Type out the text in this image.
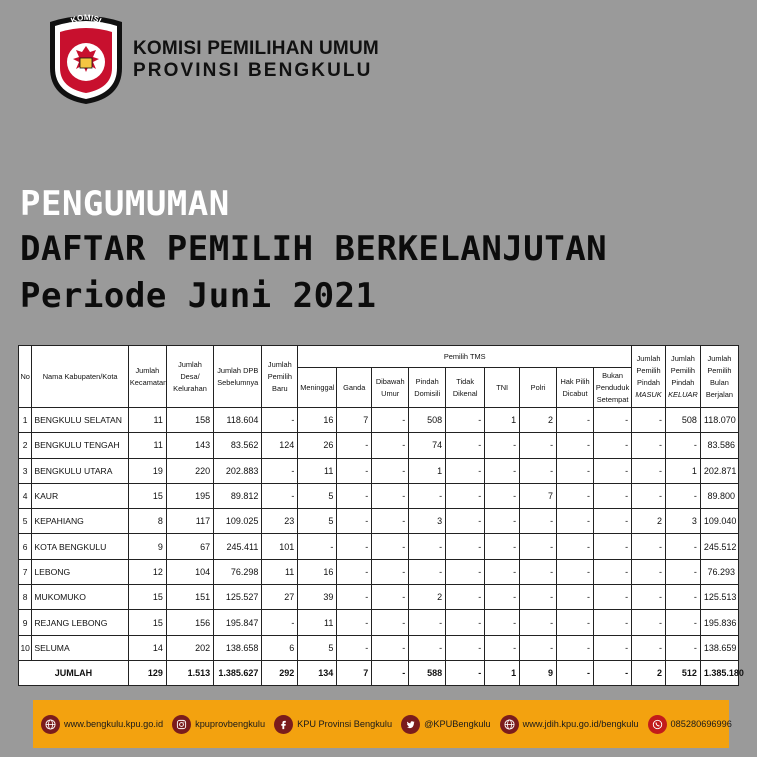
KOMISI
KOMISI PEMILIHAN UMUM
PROVINSI BENGKULU
PENGUMUMAN
DAFTAR PEMILIH BERKELANJUTAN
Periode Juni 2021
No	Nama Kabupaten/Kota	Jumlah Kecamatan	Jumlah Desa/ Kelurahan	Jumlah DPB Sebelumnya	Jumlah Pemilih Baru	Pemilih TMS									Jumlah Pemilih Pindah MASUK	Jumlah Pemilih Pindah KELUAR	Jumlah Pemilih Bulan Berjalan
						Meninggal	Ganda	Dibawah Umur	Pindah Domisili	Tidak Dikenal	TNI	Polri	Hak Pilih Dicabut	Bukan Penduduk Setempat			
1	BENGKULU SELATAN	11	158	118.604	-	16	7	-	508	-	1	2	-	-	-	508	118.070
2	BENGKULU TENGAH	11	143	83.562	124	26	-	-	74	-	-	-	-	-	-	-	83.586
3	BENGKULU UTARA	19	220	202.883	-	11	-	-	1	-	-	-	-	-	-	1	202.871
4	KAUR	15	195	89.812	-	5	-	-	-	-	-	7	-	-	-	-	89.800
5	KEPAHIANG	8	117	109.025	23	5	-	-	3	-	-	-	-	-	2	3	109.040
6	KOTA BENGKULU	9	67	245.411	101	-	-	-	-	-	-	-	-	-	-	-	245.512
7	LEBONG	12	104	76.298	11	16	-	-	-	-	-	-	-	-	-	-	76.293
8	MUKOMUKO	15	151	125.527	27	39	-	-	2	-	-	-	-	-	-	-	125.513
9	REJANG LEBONG	15	156	195.847	-	11	-	-	-	-	-	-	-	-	-	-	195.836
10	SELUMA	14	202	138.658	6	5	-	-	-	-	-	-	-	-	-	-	138.659
JUMLAH		129	1.513	1.385.627	292	134	7	-	588	-	1	9	-	-	2	512	1.385.180
www.bengkulu.kpu.go.id	kpuprovbengkulu	KPU Provinsi Bengkulu	@KPUBengkulu	www.jdih.kpu.go.id/bengkulu	085280696996
